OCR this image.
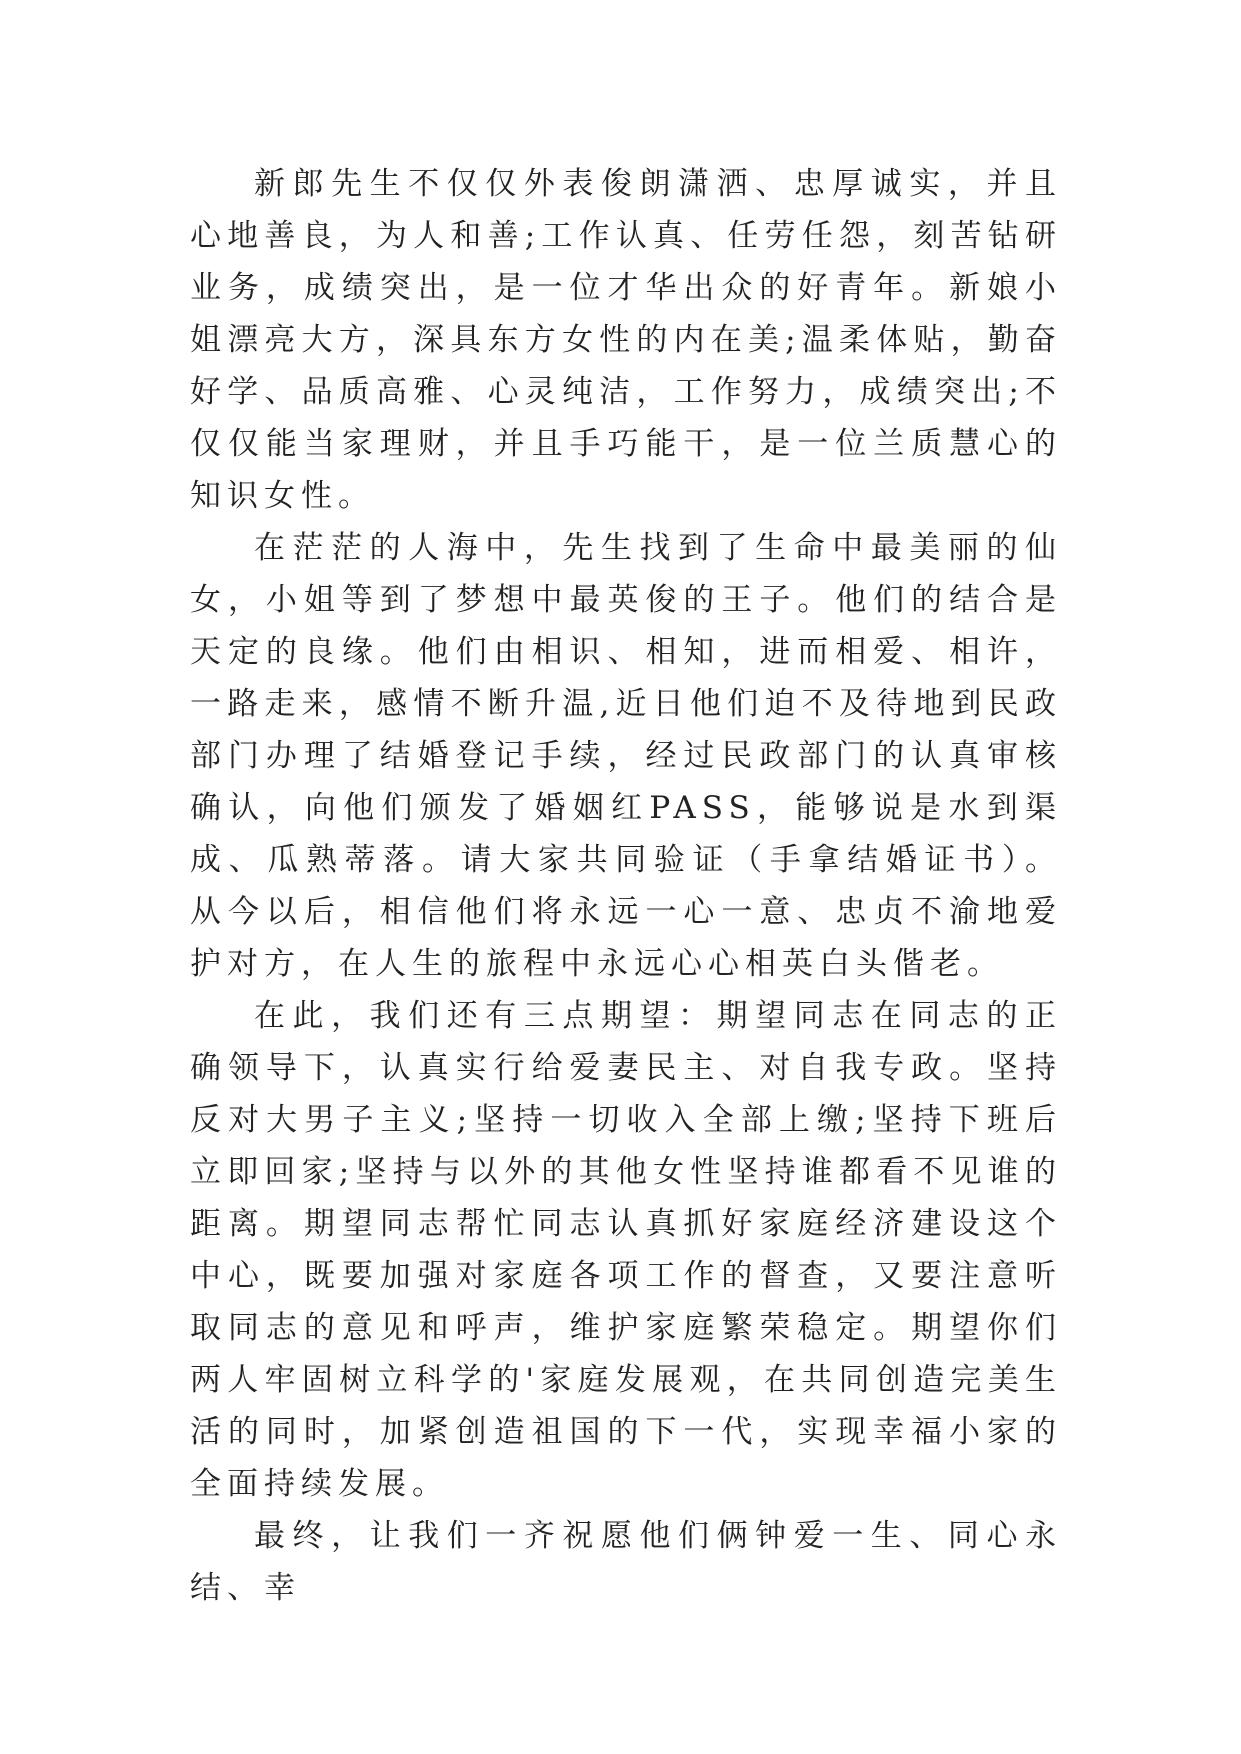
新郎先生不仅仅外表俊朗潇洒、忠厚诚实，并且心地善良，为人和善;工作认真、任劳任怨，刻苦钻研业务，成绩突出，是一位才华出众的好青年。新娘小姐漂亮大方，深具东方女性的内在美;温柔体贴，勤奋好学、品质高雅、心灵纯洁，工作努力，成绩突出;不仅仅能当家理财，并且手巧能干，是一位兰质慧心的知识女性。

在茫茫的人海中，先生找到了生命中最美丽的仙女，小姐等到了梦想中最英俊的王子。他们的结合是天定的良缘。他们由相识、相知，进而相爱、相许，一路走来，感情不断升温,近日他们迫不及待地到民政部门办理了结婚登记手续，经过民政部门的认真审核确认，向他们颁发了婚姻红PASS，能够说是水到渠成、瓜熟蒂落。请大家共同验证（手拿结婚证书）。从今以后，相信他们将永远一心一意、忠贞不渝地爱护对方，在人生的旅程中永远心心相英白头偕老。

在此，我们还有三点期望：期望同志在同志的正确领导下，认真实行给爱妻民主、对自我专政。坚持反对大男子主义;坚持一切收入全部上缴;坚持下班后立即回家;坚持与以外的其他女性坚持谁都看不见谁的距离。期望同志帮忙同志认真抓好家庭经济建设这个中心，既要加强对家庭各项工作的督查，又要注意听取同志的意见和呼声，维护家庭繁荣稳定。期望你们两人牢固树立科学的'家庭发展观，在共同创造完美生活的同时，加紧创造祖国的下一代，实现幸福小家的全面持续发展。

最终，让我们一齐祝愿他们俩钟爱一生、同心永结、幸
